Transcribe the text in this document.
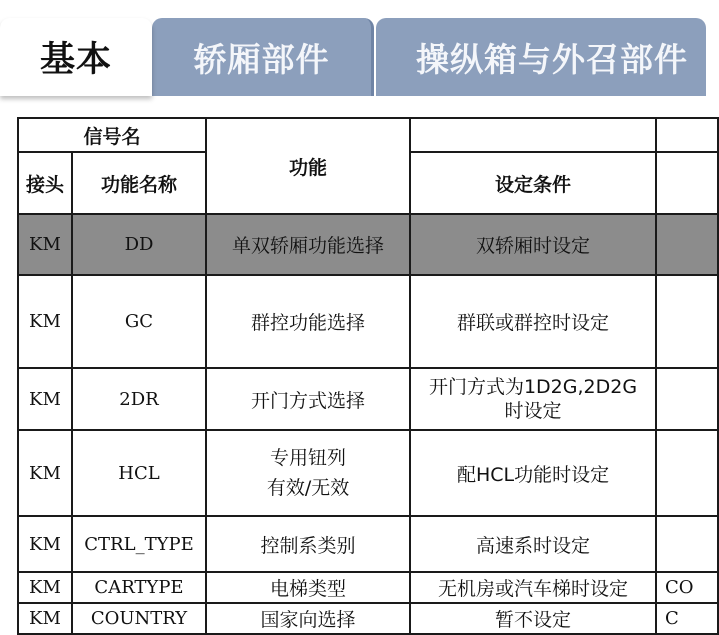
基本	轿厢部件	操纵箱与外召部件
信号名		功能		
接头	功能名称		设定条件	
KM	DD	单双轿厢功能选择	双轿厢时设定	
KM	GC	群控功能选择	群联或群控时设定	
KM	2DR	开门方式选择	开门方式为1D2G,2D2G时设定	
KM	HCL	专用钮列有效/无效	配HCL功能时设定	
KM	CTRL_TYPE	控制系类别	高速系时设定	
KM	CARTYPE	电梯类型	无机房或汽车梯时设定	CO
KM	COUNTRY	国家向选择	暂不设定	C
